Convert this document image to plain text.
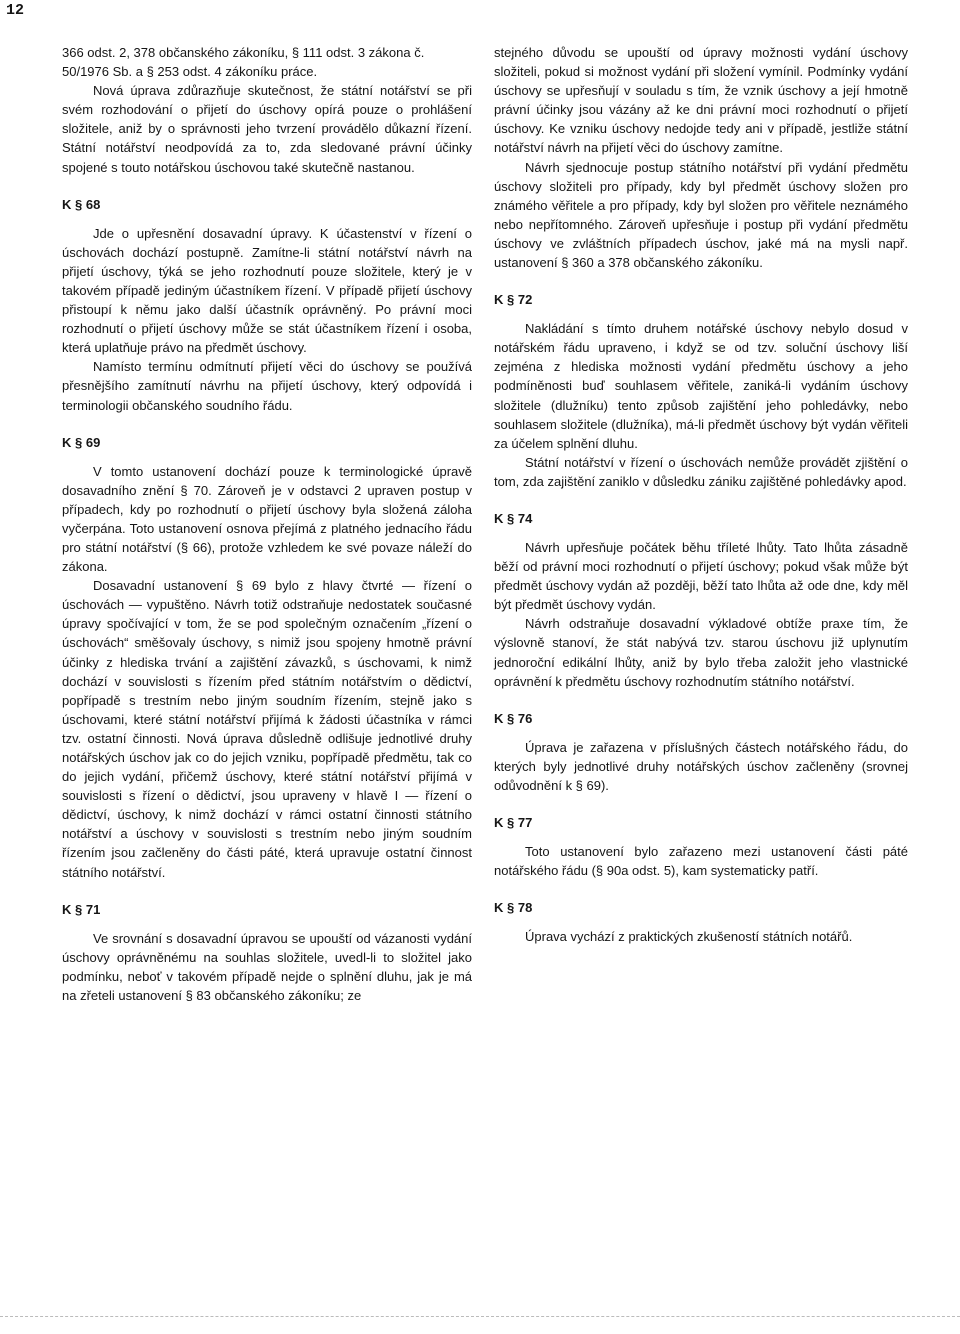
12

366 odst. 2, 378 občanského zákoníku, § 111 odst. 3 zákona č. 50/1976 Sb. a § 253 odst. 4 zákoníku práce.

Nová úprava zdůrazňuje skutečnost, že státní notářství se při svém rozhodování o přijetí do úschovy opírá pouze o prohlášení složitele, aniž by o správnosti jeho tvrzení provádělo důkazní řízení. Státní notářství neodpovídá za to, zda sledované právní účinky spojené s touto notářskou úschovou také skutečně nastanou.

K § 68

Jde o upřesnění dosavadní úpravy. K účastenství v řízení o úschovách dochází postupně. Zamítne-li státní notářství návrh na přijetí úschovy, týká se jeho rozhodnutí pouze složitele, který je v takovém případě jediným účastníkem řízení. V případě přijetí úschovy přistoupí k němu jako další účastník oprávněný. Po právní moci rozhodnutí o přijetí úschovy může se stát účastníkem řízení i osoba, která uplatňuje právo na předmět úschovy.

Namísto termínu odmítnutí přijetí věci do úschovy se používá přesnějšího zamítnutí návrhu na přijetí úschovy, který odpovídá i terminologii občanského soudního řádu.

K § 69

V tomto ustanovení dochází pouze k terminologické úpravě dosavadního znění § 70. Zároveň je v odstavci 2 upraven postup v případech, kdy po rozhodnutí o přijetí úschovy byla složená záloha vyčerpána. Toto ustanovení osnova přejímá z platného jednacího řádu pro státní notářství (§ 66), protože vzhledem ke své povaze náleží do zákona.

Dosavadní ustanovení § 69 bylo z hlavy čtvrté — řízení o úschovách — vypuštěno. Návrh totiž odstraňuje nedostatek současné úpravy spočívající v tom, že se pod společným označením „řízení o úschovách“ směšovaly úschovy, s nimiž jsou spojeny hmotně právní účinky z hlediska trvání a zajištění závazků, s úschovami, k nimž dochází v souvislosti s řízením před státním notářstvím o dědictví, popřípadě s trestním nebo jiným soudním řízením, stejně jako s úschovami, které státní notářství přijímá k žádosti účastníka v rámci tzv. ostatní činnosti. Nová úprava důsledně odlišuje jednotlivé druhy notářských úschov jak co do jejich vzniku, popřípadě předmětu, tak co do jejich vydání, přičemž úschovy, které státní notářství přijímá v souvislosti s řízení o dědictví, jsou upraveny v hlavě I — řízení o dědictví, úschovy, k nimž dochází v rámci ostatní činnosti státního notářství a úschovy v souvislosti s trestním nebo jiným soudním řízením jsou začleněny do části páté, která upravuje ostatní činnost státního notářství.

K § 71

Ve srovnání s dosavadní úpravou se upouští od vázanosti vydání úschovy oprávněnému na souhlas složitele, uvedl-li to složitel jako podmínku, neboť v takovém případě nejde o splnění dluhu, jak je má na zřeteli ustanovení § 83 občanského zákoníku; ze

stejného důvodu se upouští od úpravy možnosti vydání úschovy složiteli, pokud si možnost vydání při složení vymínil. Podmínky vydání úschovy se upřesňují v souladu s tím, že vznik úschovy a její hmotně právní účinky jsou vázány až ke dni právní moci rozhodnutí o přijetí úschovy. Ke vzniku úschovy nedojde tedy ani v případě, jestliže státní notářství návrh na přijetí věci do úschovy zamítne.

Návrh sjednocuje postup státního notářství při vydání předmětu úschovy složiteli pro případy, kdy byl předmět úschovy složen pro známého věřitele a pro případy, kdy byl složen pro věřitele neznámého nebo nepřítomného. Zároveň upřesňuje i postup při vydání předmětu úschovy ve zvláštních případech úschov, jaké má na mysli např. ustanovení § 360 a 378 občanského zákoníku.

K § 72

Nakládání s tímto druhem notářské úschovy nebylo dosud v notářském řádu upraveno, i když se od tzv. soluční úschovy liší zejména z hlediska možnosti vydání předmětu úschovy a jeho podmíněnosti buď souhlasem věřitele, zaniká-li vydáním úschovy složitele (dlužníku) tento způsob zajištění jeho pohledávky, nebo souhlasem složitele (dlužníka), má-li předmět úschovy být vydán věřiteli za účelem splnění dluhu.

Státní notářství v řízení o úschovách nemůže provádět zjištění o tom, zda zajištění zaniklo v důsledku zániku zajištěné pohledávky apod.

K § 74

Návrh upřesňuje počátek běhu tříleté lhůty. Tato lhůta zásadně běží od právní moci rozhodnutí o přijetí úschovy; pokud však může být předmět úschovy vydán až později, běží tato lhůta až ode dne, kdy měl být předmět úschovy vydán.

Návrh odstraňuje dosavadní výkladové obtíže praxe tím, že výslovně stanoví, že stát nabývá tzv. starou úschovu již uplynutím jednoroční edikální lhůty, aniž by bylo třeba založit jeho vlastnické oprávnění k předmětu úschovy rozhodnutím státního notářství.

K § 76

Úprava je zařazena v příslušných částech notářského řádu, do kterých byly jednotlivé druhy notářských úschov začleněny (srovnej odůvodnění k § 69).

K § 77

Toto ustanovení bylo zařazeno mezi ustanovení části páté notářského řádu (§ 90a odst. 5), kam systematicky patří.

K § 78

Úprava vychází z praktických zkušeností státních notářů.
